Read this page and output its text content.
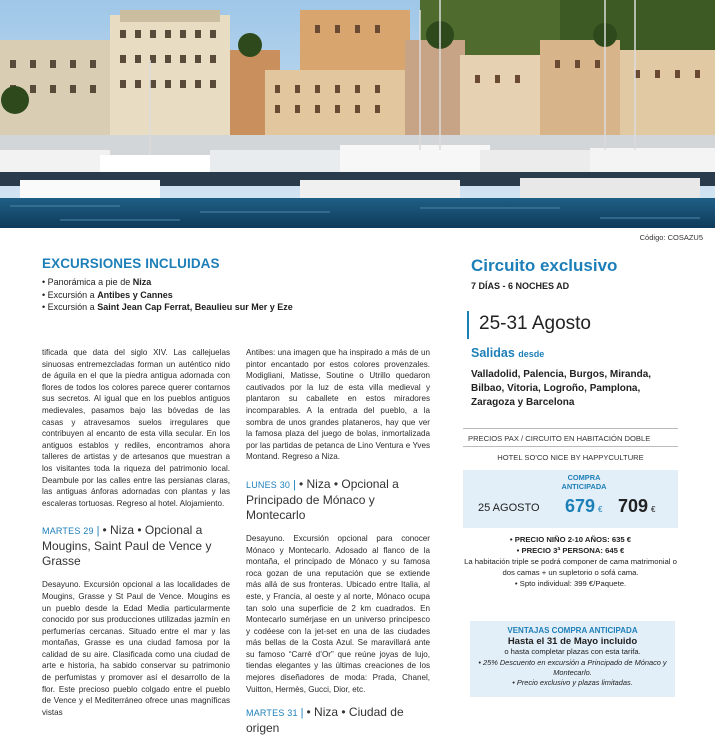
Código: COSAZU5
EXCURSIONES INCLUIDAS
• Panorámica a pie de Niza
• Excursión a Antibes y Cannes
• Excursión a Saint Jean Cap Ferrat, Beaulieu sur Mer y Eze

tificada que data del siglo XIV. Las callejuelas sinuosas entremezcladas forman un auténtico nido de águila en el que la piedra antigua adornada con flores de todos los colores parece querer contarnos sus secretos. Al igual que en los pueblos antiguos medievales, pasamos bajo las bóvedas de las casas y atravesamos suelos irregulares que contribuyen al encanto de esta villa secular. En los antiguos establos y rediles, encontramos ahora talleres de artistas y de artesanos que muestran a los visitantes toda la riqueza del patrimonio local. Deambule por las calles entre las persianas claras, las antiguas ánforas adornadas con plantas y las escaleras tortuosas. Regreso al hotel. Alojamiento.

MARTES 29 | • Niza • Opcional a Mougins, Saint Paul de Vence y Grasse

Desayuno. Excursión opcional a las localidades de Mougins, Grasse y St Paul de Vence. Mougins es un pueblo desde la Edad Media particularmente conocido por sus producciones utilizadas jazmín en perfumerías cercanas. Situado entre el mar y las montañas, Grasse es una ciudad famosa por la calidad de su aire. Clasificada como una ciudad de arte e historia, ha sabido conservar su patrimonio de perfumistas y promover así el desarrollo de la flor. Este precioso pueblo colgado entre el pueblo de Vence y el Mediterráneo ofrece unas magníficas vistas

Antibes: una imagen que ha inspirado a más de un pintor encantado por estos colores provenzales. Modigliani, Matisse, Soutine o Utrillo quedaron cautivados por la luz de esta villa medieval y plantaron su caballete en estos miradores incomparables. A la entrada del pueblo, a la sombra de unos grandes plataneros, hay que ver la famosa plaza del juego de bolas, inmortalizada por las partidas de petanca de Lino Ventura e Yves Montand. Regreso a Niza.

LUNES 30 | • Niza • Opcional a Principado de Mónaco y Montecarlo

Desayuno. Excursión opcional para conocer Mónaco y Montecarlo. Adosado al flanco de la montaña, el principado de Mónaco y su famosa roca gozan de una reputación que se extiende más allá de sus fronteras. Ubicado entre Italia, al este, y Francia, al oeste y al norte, Mónaco ocupa tan solo una superficie de 2 km cuadrados. En Montecarlo sumérjase en un universo principesco y codéese con la jet-set en una de las ciudades más bellas de la Costa Azul. Se maravillará ante su famoso “Carré d’Or” que reúne joyas de lujo, tiendas elegantes y las últimas creaciones de los mejores diseñadores de moda: Prada, Chanel, Vuitton, Hermès, Gucci, Dior, etc.

MARTES 31 | • Niza • Ciudad de origen
Circuito exclusivo
7 DÍAS - 6 NOCHES AD
25-31 Agosto
Salidas desde
Valladolid, Palencia, Burgos, Miranda, Bilbao, Vitoria, Logroño, Pamplona, Zaragoza y Barcelona
PRECIOS PAX / CIRCUITO EN HABITACIÓN DOBLE
HOTEL SO'CO NICE BY HAPPYCULTURE
COMPRA ANTICIPADA
25 AGOSTO 679 € 709 €
• PRECIO NIÑO 2-10 AÑOS: 635 €
• PRECIO 3ª PERSONA: 645 €
La habitación triple se podrá componer de cama matrimonial o dos camas + un supletorio o sofá cama.
• Spto individual: 399 €/Paquete.
VENTAJAS COMPRA ANTICIPADA
Hasta el 31 de Mayo incluido
o hasta completar plazas con esta tarifa.
• 25% Descuento en excursión a Principado de Mónaco y Montecarlo.
• Precio exclusivo y plazas limitadas.
